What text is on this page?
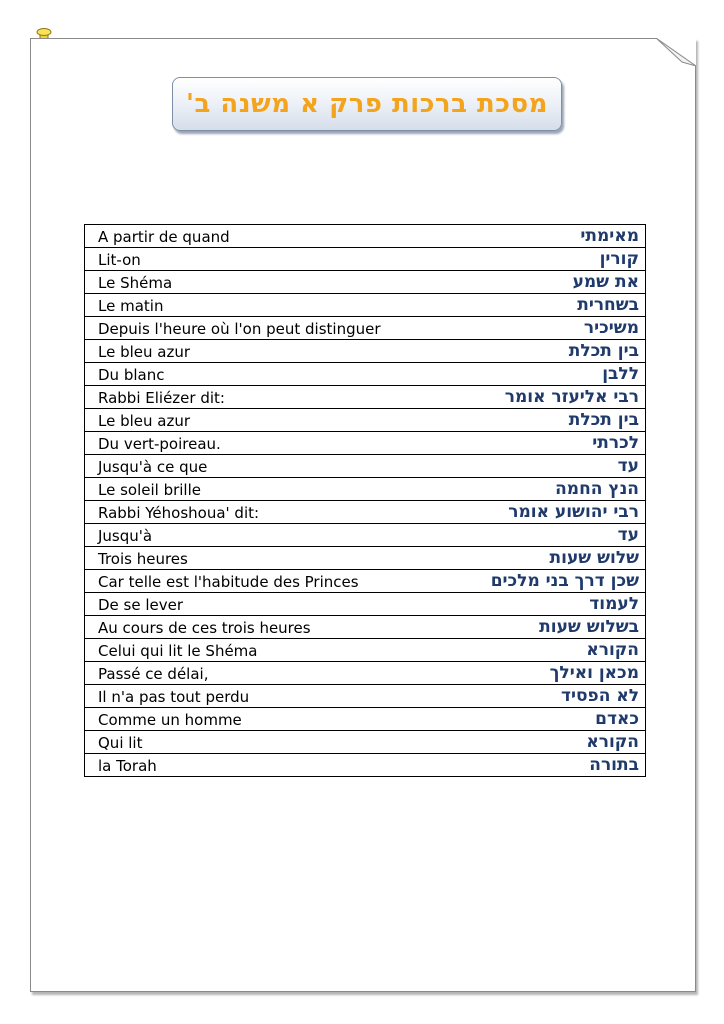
מסכת ברכות פרק א משנה ב'
A partir de quand	מאימתי
Lit-on	קורין
Le Shéma	את שמע
Le matin	בשחרית
Depuis l'heure où l'on peut distinguer	משיכיר
Le bleu azur	בין תכלת
Du blanc	ללבן
Rabbi Eliézer dit:	רבי אליעזר אומר
Le bleu azur	בין תכלת
Du vert-poireau.	לכרתי
Jusqu'à ce que	עד
Le soleil brille	הנץ החמה
Rabbi Yéhoshoua' dit:	רבי יהושוע אומר
Jusqu'à	עד
Trois heures	שלוש שעות
Car telle est l'habitude des Princes	שכן דרך בני מלכים
De se lever	לעמוד
Au cours de ces trois heures	בשלוש שעות
Celui qui lit le Shéma	הקורא
Passé ce délai,	מכאן ואילך
Il n'a pas tout perdu	לא הפסיד
Comme un homme	כאדם
Qui lit	הקורא
la Torah	בתורה
